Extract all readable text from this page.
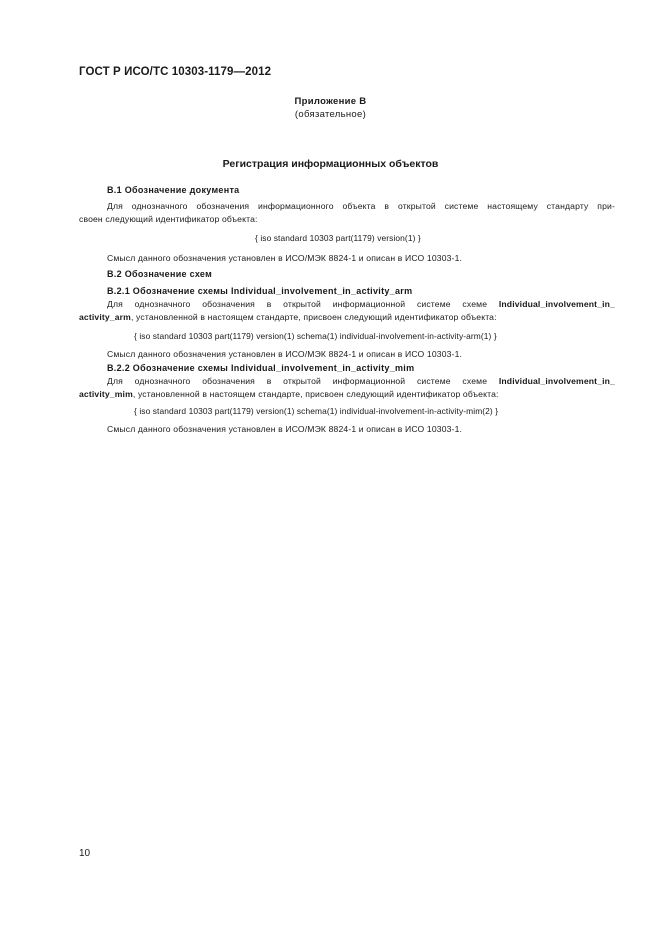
ГОСТ Р ИСО/ТС 10303-1179—2012
Приложение В
(обязательное)
Регистрация информационных объектов
В.1 Обозначение документа
Для однозначного обозначения информационного объекта в открытой системе настоящему стандарту при-
своен следующий идентификатор объекта:
{ iso standard 10303 part(1179) version(1) }
Смысл данного обозначения установлен в ИСО/МЭК 8824-1 и описан в ИСО 10303-1.
В.2 Обозначение схем
В.2.1 Обозначение схемы Individual_involvement_in_activity_arm
Для однозначного обозначения в открытой информационной системе схеме Individual_involvement_in_
activity_arm, установленной в настоящем стандарте, присвоен следующий идентификатор объекта:
{ iso standard 10303 part(1179) version(1) schema(1) individual-involvement-in-activity-arm(1) }
Смысл данного обозначения установлен в ИСО/МЭК 8824-1 и описан в ИСО 10303-1.
В.2.2 Обозначение схемы Individual_involvement_in_activity_mim
Для однозначного обозначения в открытой информационной системе схеме Individual_involvement_in_
activity_mim, установленной в настоящем стандарте, присвоен следующий идентификатор объекта:
{ iso standard 10303 part(1179) version(1) schema(1) individual-involvement-in-activity-mim(2) }
Смысл данного обозначения установлен в ИСО/МЭК 8824-1 и описан в ИСО 10303-1.
10
